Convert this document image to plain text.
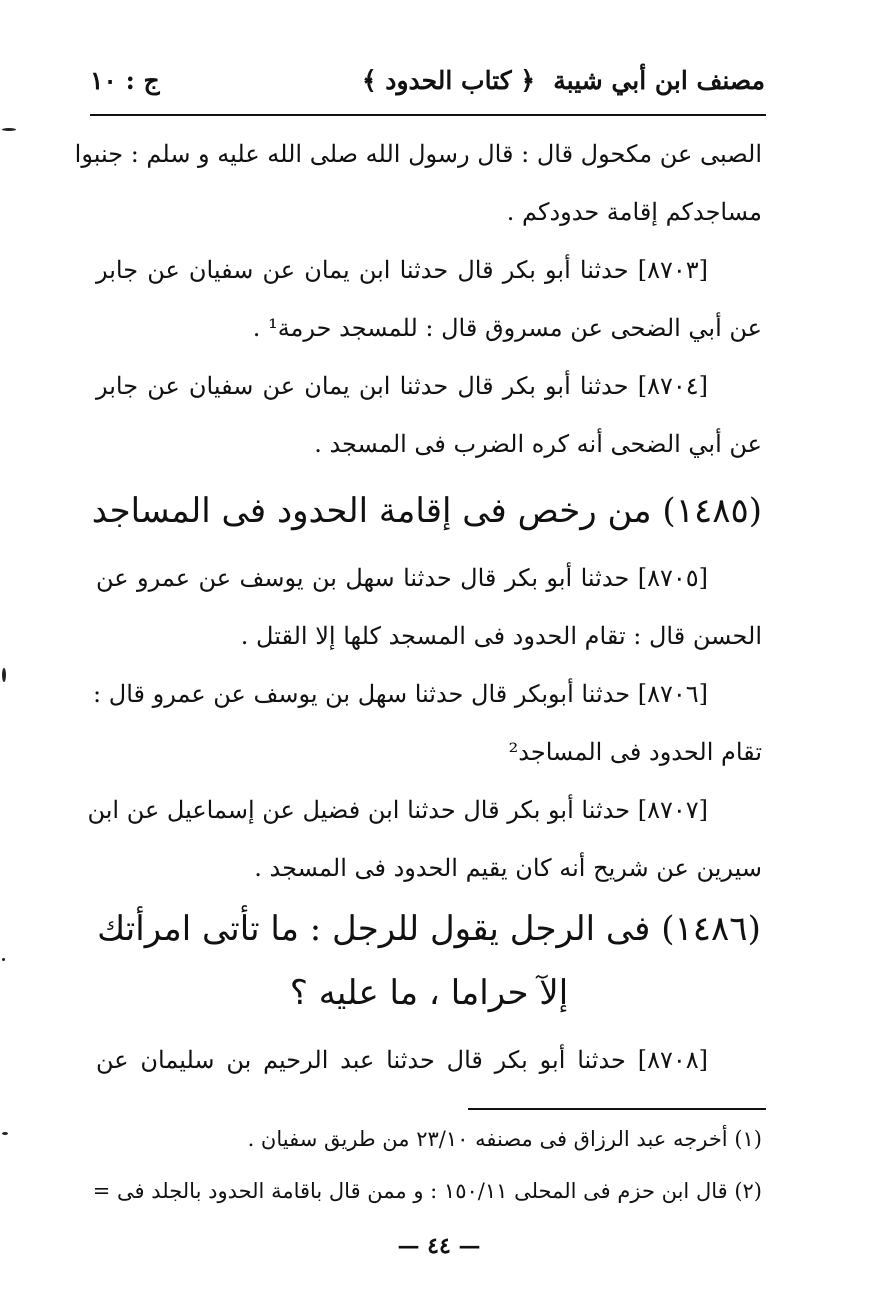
مصنف ابن أبي شيبة
﴿ كتاب الحدود ﴾
ج : ١٠
الصبى عن مكحول قال : قال رسول الله صلى الله عليه و سلم : جنبوا
مساجدكم إقامة حدودكم .
[٨٧٠٣] حدثنا أبو بكر قال حدثنا ابن يمان عن سفيان عن جابر
عن أبي الضحى عن مسروق قال : للمسجد حرمة¹ .
[٨٧٠٤] حدثنا أبو بكر قال حدثنا ابن يمان عن سفيان عن جابر
عن أبي الضحى أنه كره الضرب فى المسجد .
(١٤٨٥) من رخص فى إقامة الحدود فى المساجد
[٨٧٠٥] حدثنا أبو بكر قال حدثنا سهل بن يوسف عن عمرو عن
الحسن قال : تقام الحدود فى المسجد كلها إلا القتل .
[٨٧٠٦] حدثنا أبوبكر قال حدثنا سهل بن يوسف عن عمرو قال :
تقام الحدود فى المساجد²
[٨٧٠٧] حدثنا أبو بكر قال حدثنا ابن فضيل عن إسماعيل عن ابن
سيرين عن شريح أنه كان يقيم الحدود فى المسجد .
(١٤٨٦) فى الرجل يقول للرجل : ما تأتى امرأتك
إلآ حراما ، ما عليه ؟
[٨٧٠٨] حدثنا أبو بكر قال حدثنا عبد الرحيم بن سليمان عن
(١) أخرجه عبد الرزاق فى مصنفه ٢٣/١٠ من طريق سفيان .
(٢) قال ابن حزم فى المحلى ١٥٠/١١ : و ممن قال باقامة الحدود بالجلد فى =
— ٤٤ —
